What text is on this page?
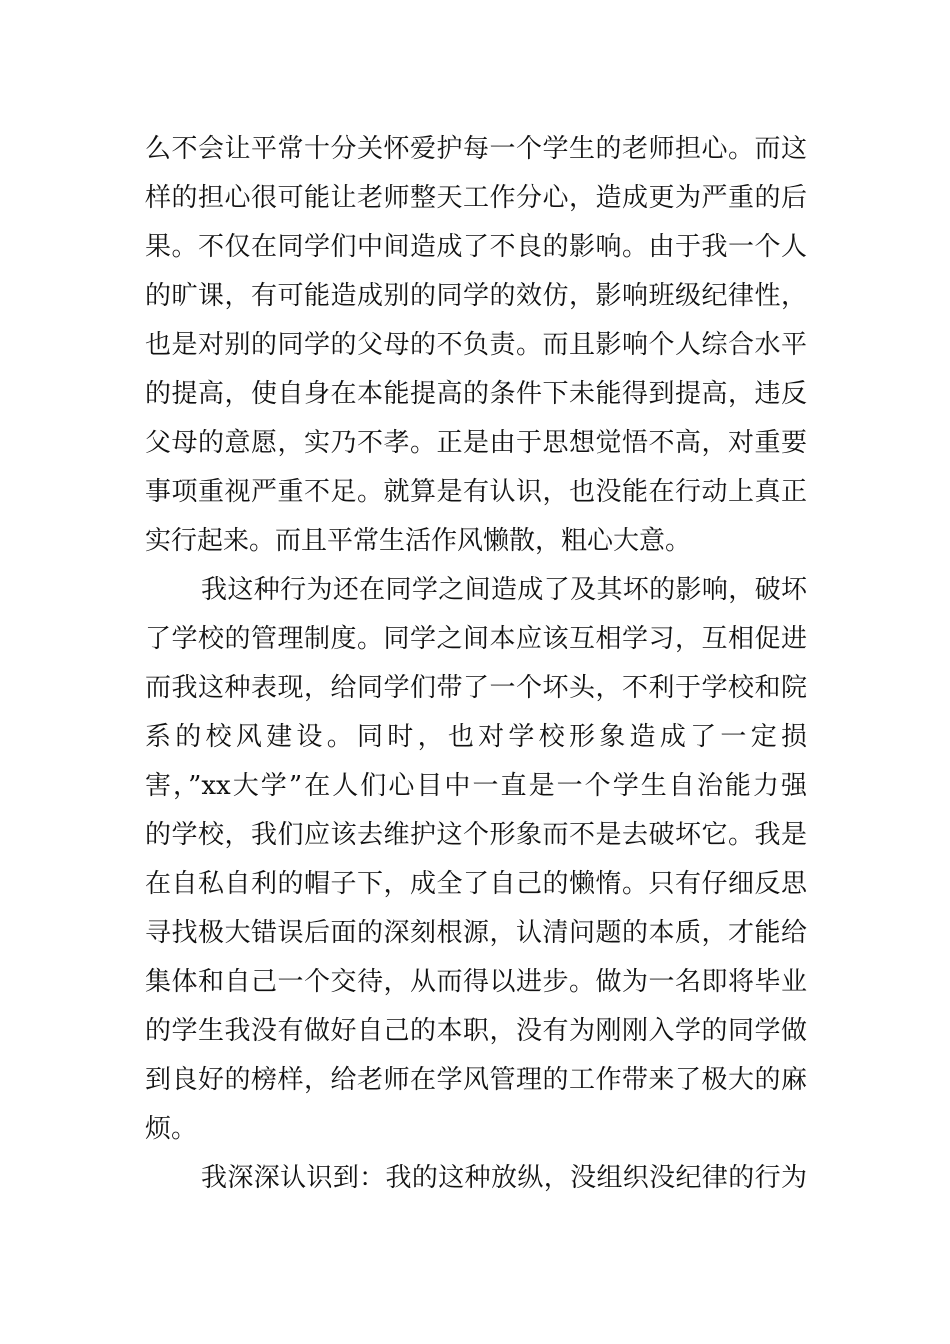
么不会让平常十分关怀爱护每一个学生的老师担心。而这
样的担心很可能让老师整天工作分心，造成更为严重的后
果。不仅在同学们中间造成了不良的影响。由于我一个人
的旷课，有可能造成别的同学的效仿，影响班级纪律性，
也是对别的同学的父母的不负责。而且影响个人综合水平
的提高，使自身在本能提高的条件下未能得到提高，违反
父母的意愿，实乃不孝。正是由于思想觉悟不高，对重要
事项重视严重不足。就算是有认识，也没能在行动上真正
实行起来。而且平常生活作风懒散，粗心大意。
我这种行为还在同学之间造成了及其坏的影响，破坏
了学校的管理制度。同学之间本应该互相学习，互相促进
而我这种表现，给同学们带了一个坏头，不利于学校和院
系的校风建设。同时，也对学校形象造成了一定损
害，”xx大学”在人们心目中一直是一个学生自治能力强
的学校，我们应该去维护这个形象而不是去破坏它。我是
在自私自利的帽子下，成全了自己的懒惰。只有仔细反思
寻找极大错误后面的深刻根源，认清问题的本质，才能给
集体和自己一个交待，从而得以进步。做为一名即将毕业
的学生我没有做好自己的本职，没有为刚刚入学的同学做
到良好的榜样，给老师在学风管理的工作带来了极大的麻
烦。
我深深认识到：我的这种放纵，没组织没纪律的行为
